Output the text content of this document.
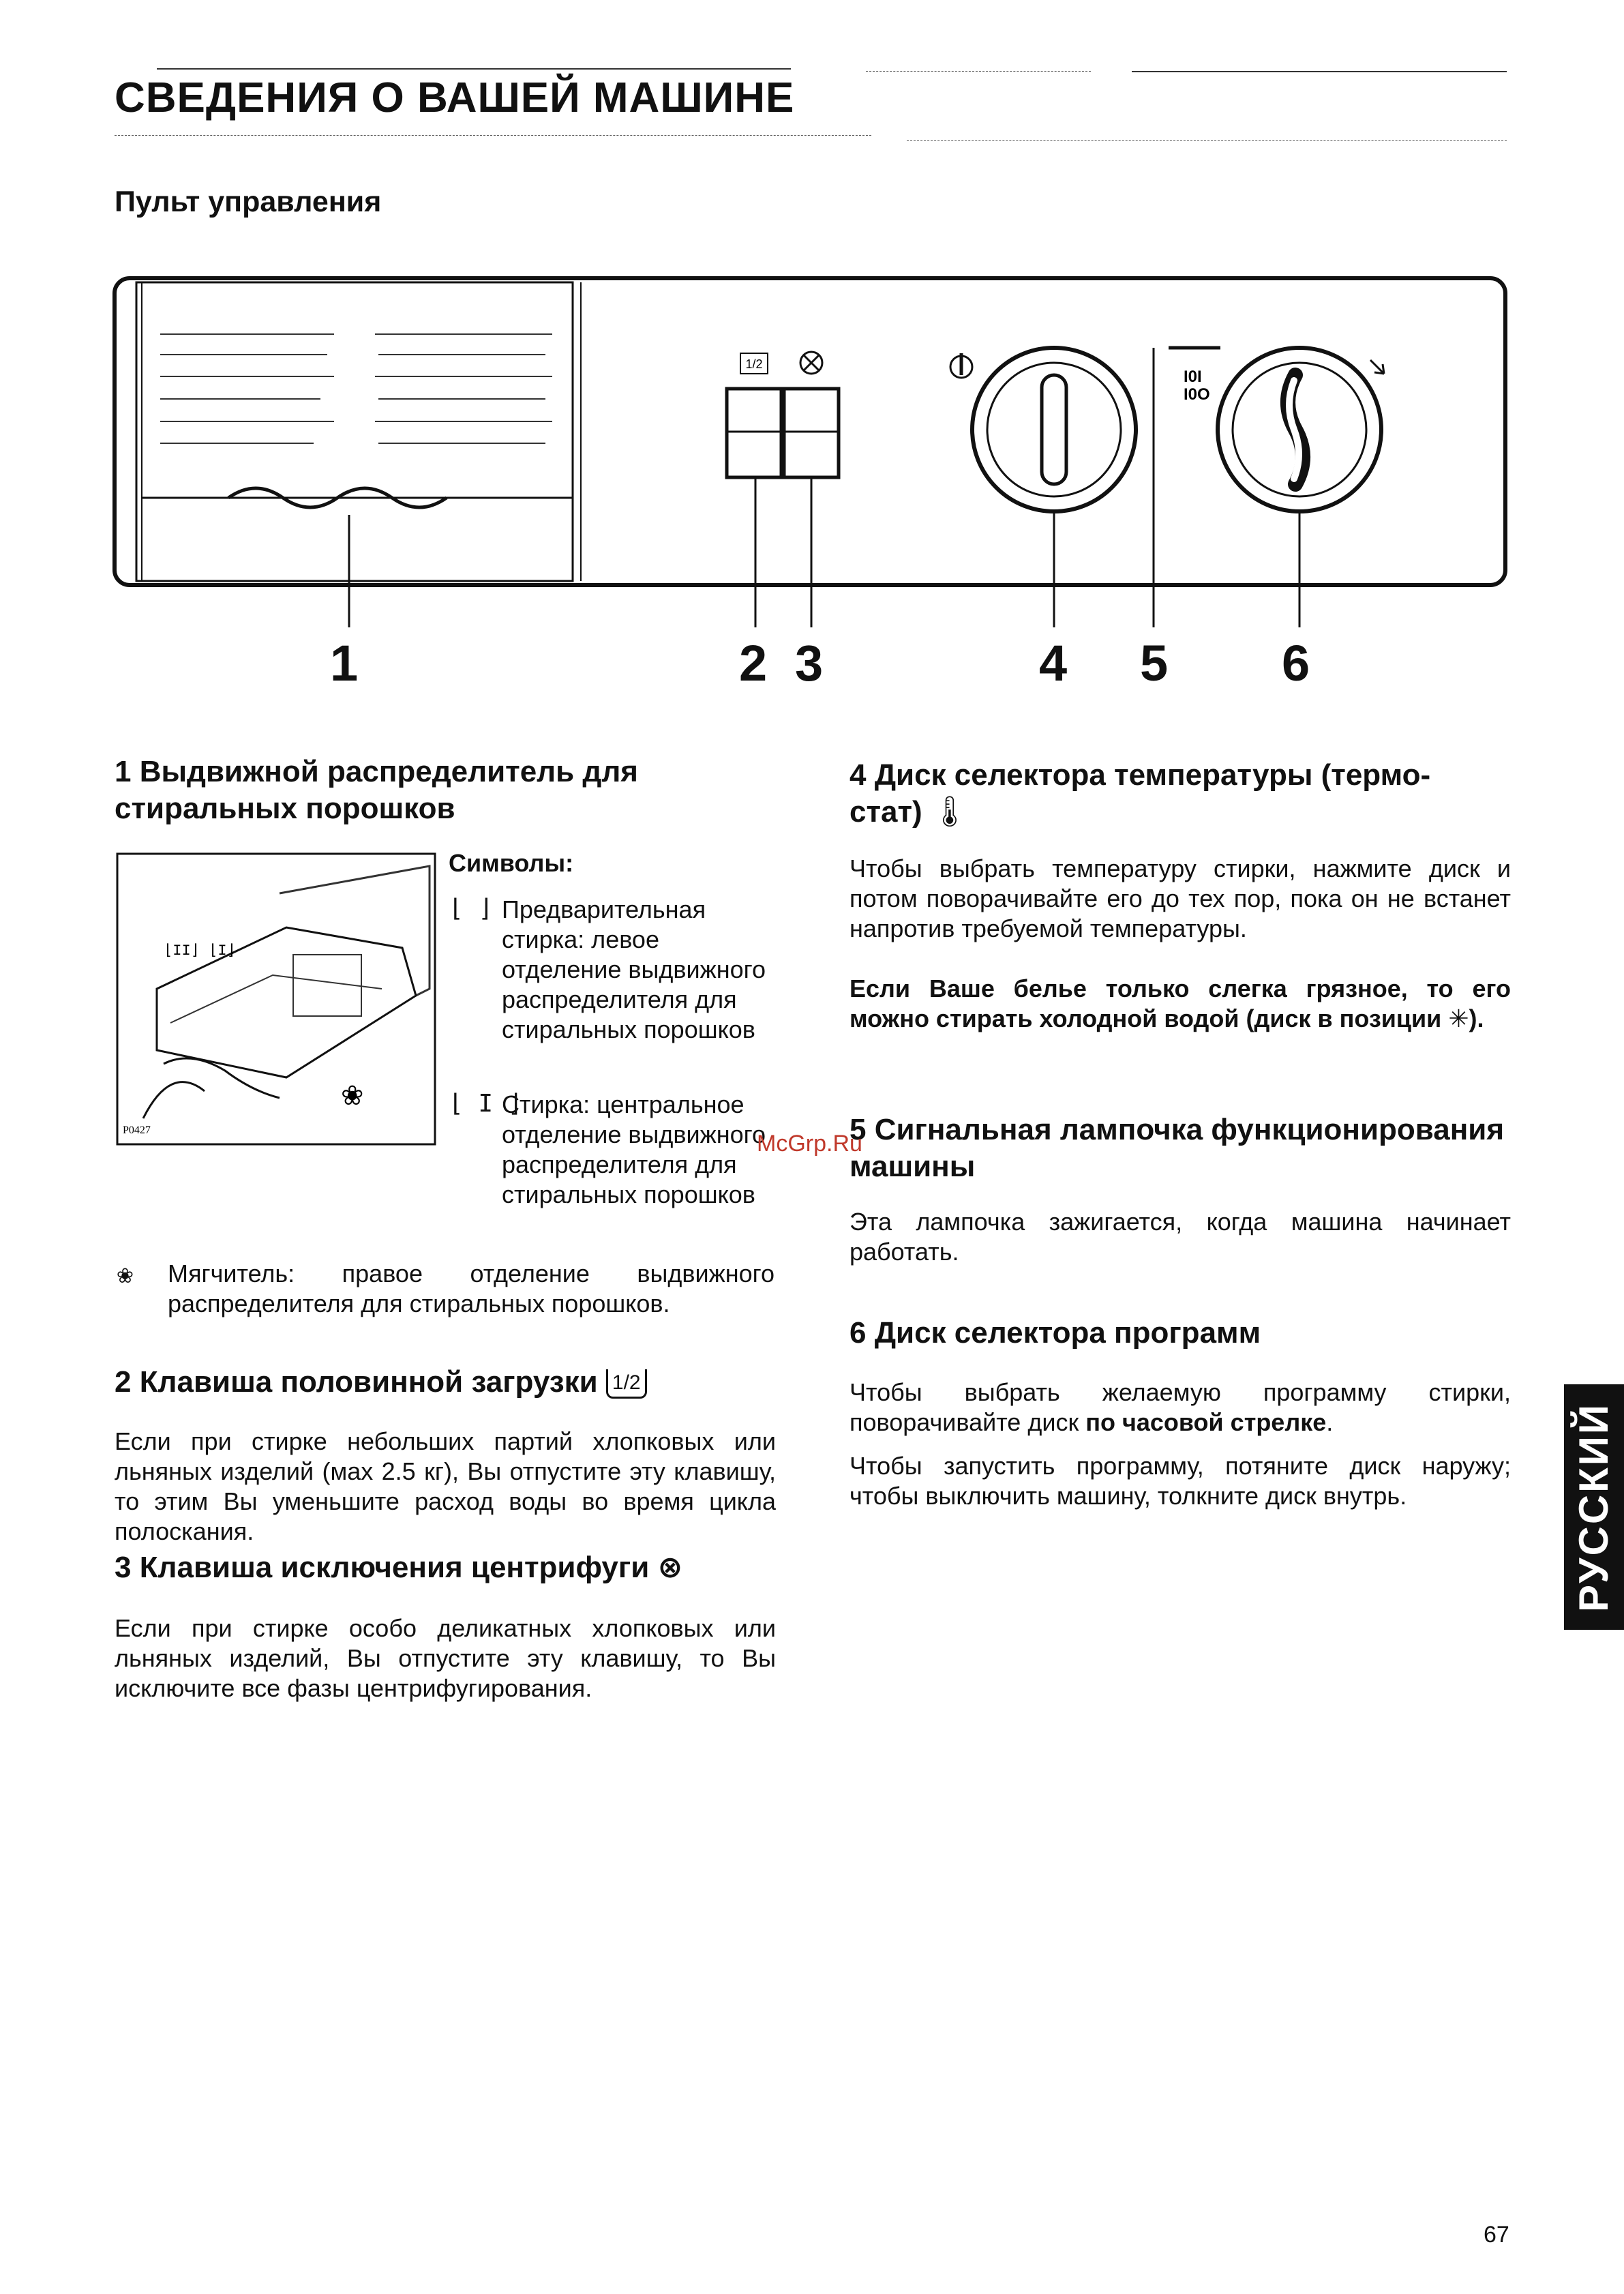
СВЕДЕНИЯ О ВАШЕЙ МАШИНЕ
Пульт управления
1/2
I0I
I0O
1	2 3	4 5 6
1 Выдвижной распределитель для стиральных порошков
⌊II⌋ ⌊I⌋
❀
P0427
Символы:
⌊ ⌋ Предварительная стирка: левое отделение выдвижного распределителя для стиральных порошков
⌊ I ⌋
Стирка: центральное отделение выдвижного распределителя для стиральных порошков
❀ Мягчитель: правое отделение выдвижного распределителя для стиральных порошков.
2 Клавиша половинной загрузки 1/2
Если при стирке небольших партий хлопковых или льняных изделий (мах 2.5 кг), Вы отпустите эту клавишу, то этим Вы уменьшите расход воды во время цикла полоскания.
3 Клавиша исключения центрифуги ⊗
Если при стирке особо деликатных хлопковых или льняных изделий, Вы отпустите эту клавишу, то Вы исключите все фазы центрифугирования.
4 Диск селектора температуры (термо-
стат) 🌡
Чтобы выбрать температуру стирки, нажмите диск и потом поворачивайте его до тех пор, пока он не встанет напротив требуемой температуры.
Если Ваше белье только слегка грязное, то его можно стирать холодной водой (диск в позиции ✳).
5 Сигнальная лампочка функционирования машины
Эта лампочка зажигается, когда машина начинает работать.
6 Диск селектора программ
Чтобы выбрать желаемую программу стирки, поворачивайте диск по часовой стрелке.
Чтобы запустить программу, потяните диск наружу; чтобы выключить машину, толкните диск внутрь.	РУССКИЙ
McGrp.Ru
67
